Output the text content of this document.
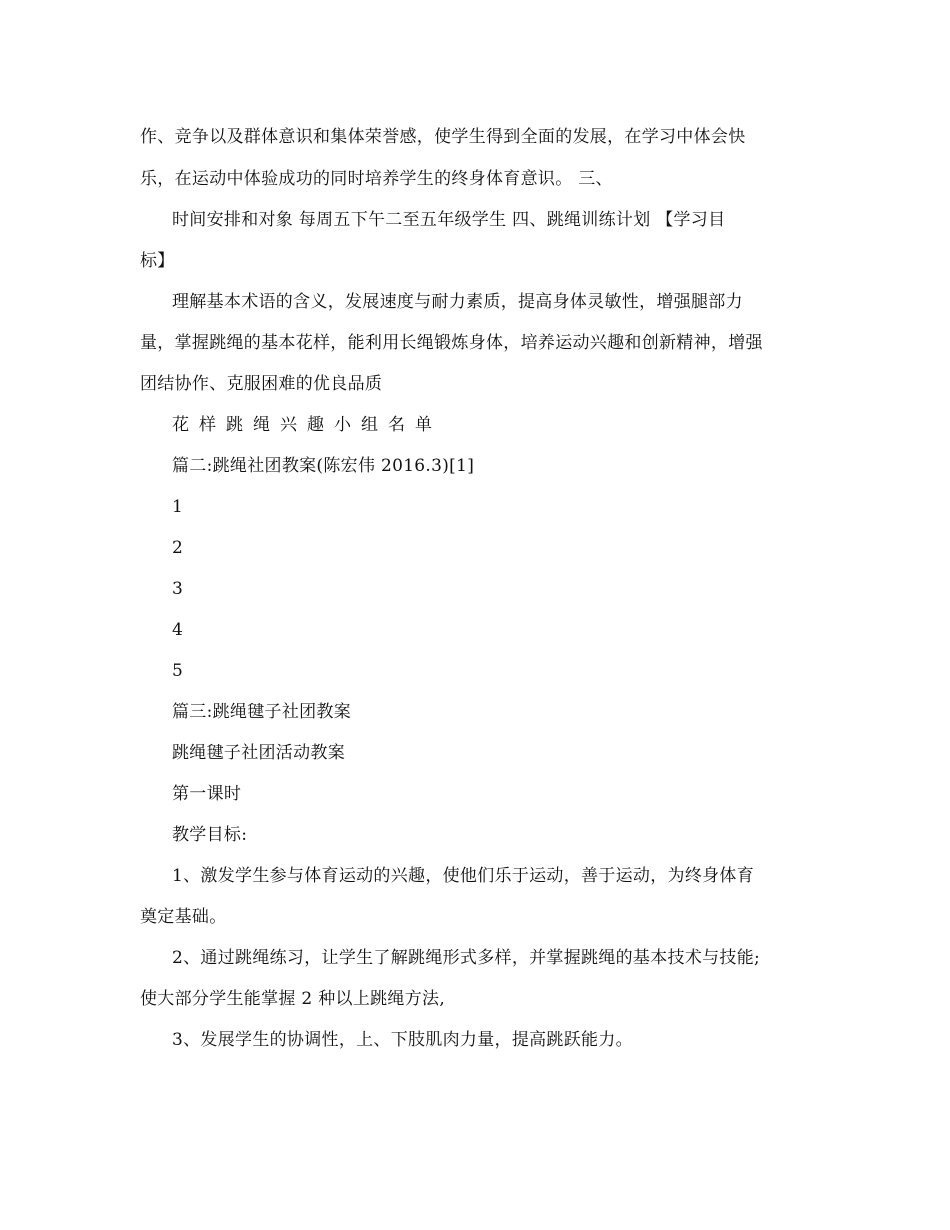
作、竞争以及群体意识和集体荣誉感，使学生得到全面的发展，在学习中体会快
乐，在运动中体验成功的同时培养学生的终身体育意识。 三、
时间安排和对象 每周五下午二至五年级学生 四、跳绳训练计划 【学习目
标】
理解基本术语的含义，发展速度与耐力素质，提高身体灵敏性，增强腿部力
量，掌握跳绳的基本花样，能利用长绳锻炼身体，培养运动兴趣和创新精神，增强
团结协作、克服困难的优良品质
花样跳绳兴趣小组名单
篇二:跳绳社团教案(陈宏伟 2016.3)[1]
1
2
3
4
5
篇三:跳绳毽子社团教案
跳绳毽子社团活动教案
第一课时
教学目标:
1、激发学生参与体育运动的兴趣，使他们乐于运动，善于运动，为终身体育
奠定基础。
2、通过跳绳练习，让学生了解跳绳形式多样，并掌握跳绳的基本技术与技能;
使大部分学生能掌握 2 种以上跳绳方法,
3、发展学生的协调性，上、下肢肌肉力量，提高跳跃能力。
